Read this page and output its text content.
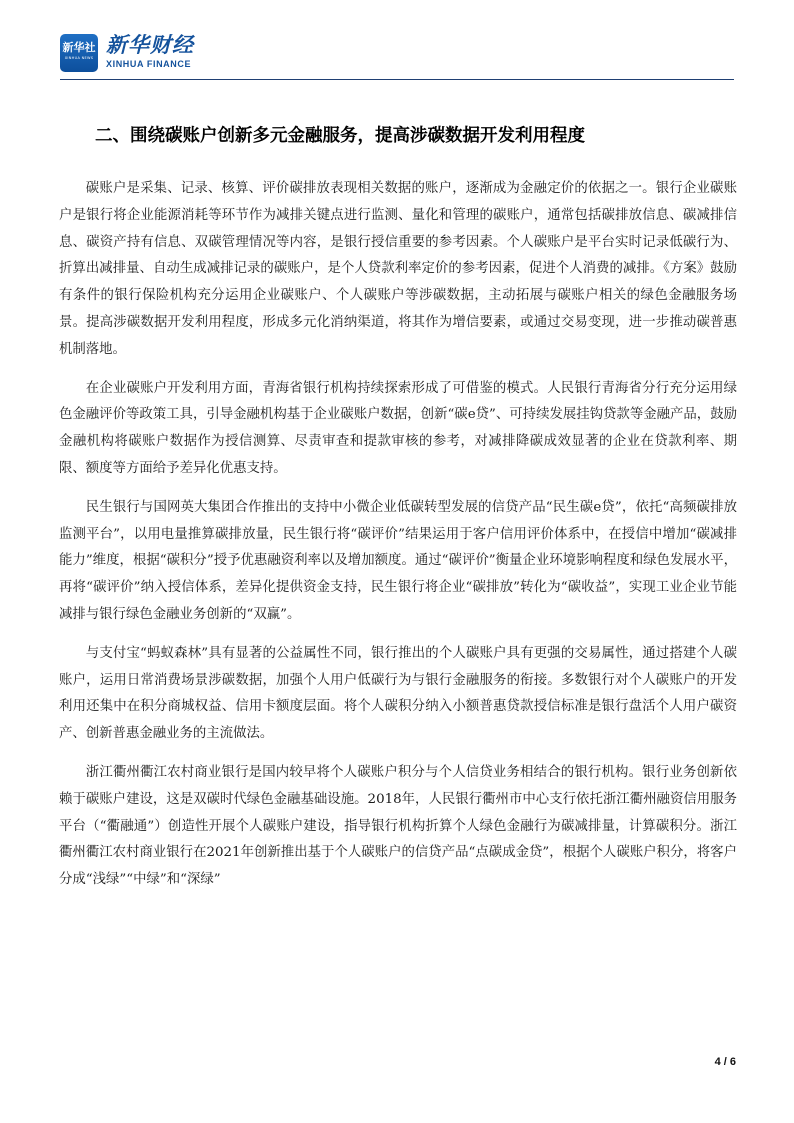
新华社
XINHUA NEWS
新华财经
XINHUA FINANCE
二、围绕碳账户创新多元金融服务，提高涉碳数据开发利用程度

碳账户是采集、记录、核算、评价碳排放表现相关数据的账户，逐渐成为金融定价的依据之一。银行企业碳账户是银行将企业能源消耗等环节作为减排关键点进行监测、量化和管理的碳账户，通常包括碳排放信息、碳减排信息、碳资产持有信息、双碳管理情况等内容，是银行授信重要的参考因素。个人碳账户是平台实时记录低碳行为、折算出减排量、自动生成减排记录的碳账户，是个人贷款利率定价的参考因素，促进个人消费的减排。《方案》鼓励有条件的银行保险机构充分运用企业碳账户、个人碳账户等涉碳数据，主动拓展与碳账户相关的绿色金融服务场景。提高涉碳数据开发利用程度，形成多元化消纳渠道，将其作为增信要素，或通过交易变现，进一步推动碳普惠机制落地。

在企业碳账户开发利用方面，青海省银行机构持续探索形成了可借鉴的模式。人民银行青海省分行充分运用绿色金融评价等政策工具，引导金融机构基于企业碳账户数据，创新“碳e贷”、可持续发展挂钩贷款等金融产品，鼓励金融机构将碳账户数据作为授信测算、尽责审查和提款审核的参考，对减排降碳成效显著的企业在贷款利率、期限、额度等方面给予差异化优惠支持。

民生银行与国网英大集团合作推出的支持中小微企业低碳转型发展的信贷产品“民生碳e贷”，依托“高频碳排放监测平台”，以用电量推算碳排放量，民生银行将“碳评价”结果运用于客户信用评价体系中，在授信中增加“碳减排能力”维度，根据“碳积分”授予优惠融资利率以及增加额度。通过“碳评价”衡量企业环境影响程度和绿色发展水平，再将“碳评价”纳入授信体系，差异化提供资金支持，民生银行将企业“碳排放”转化为“碳收益”，实现工业企业节能减排与银行绿色金融业务创新的“双赢”。

与支付宝“蚂蚁森林”具有显著的公益属性不同，银行推出的个人碳账户具有更强的交易属性，通过搭建个人碳账户，运用日常消费场景涉碳数据，加强个人用户低碳行为与银行金融服务的衔接。多数银行对个人碳账户的开发利用还集中在积分商城权益、信用卡额度层面。将个人碳积分纳入小额普惠贷款授信标准是银行盘活个人用户碳资产、创新普惠金融业务的主流做法。

浙江衢州衢江农村商业银行是国内较早将个人碳账户积分与个人信贷业务相结合的银行机构。银行业务创新依赖于碳账户建设，这是双碳时代绿色金融基础设施。2018年，人民银行衢州市中心支行依托浙江衢州融资信用服务平台（“衢融通”）创造性开展个人碳账户建设，指导银行机构折算个人绿色金融行为碳减排量，计算碳积分。浙江衢州衢江农村商业银行在2021年创新推出基于个人碳账户的信贷产品“点碳成金贷”，根据个人碳账户积分，将客户分成“浅绿”“中绿”和“深绿”

4 / 6
